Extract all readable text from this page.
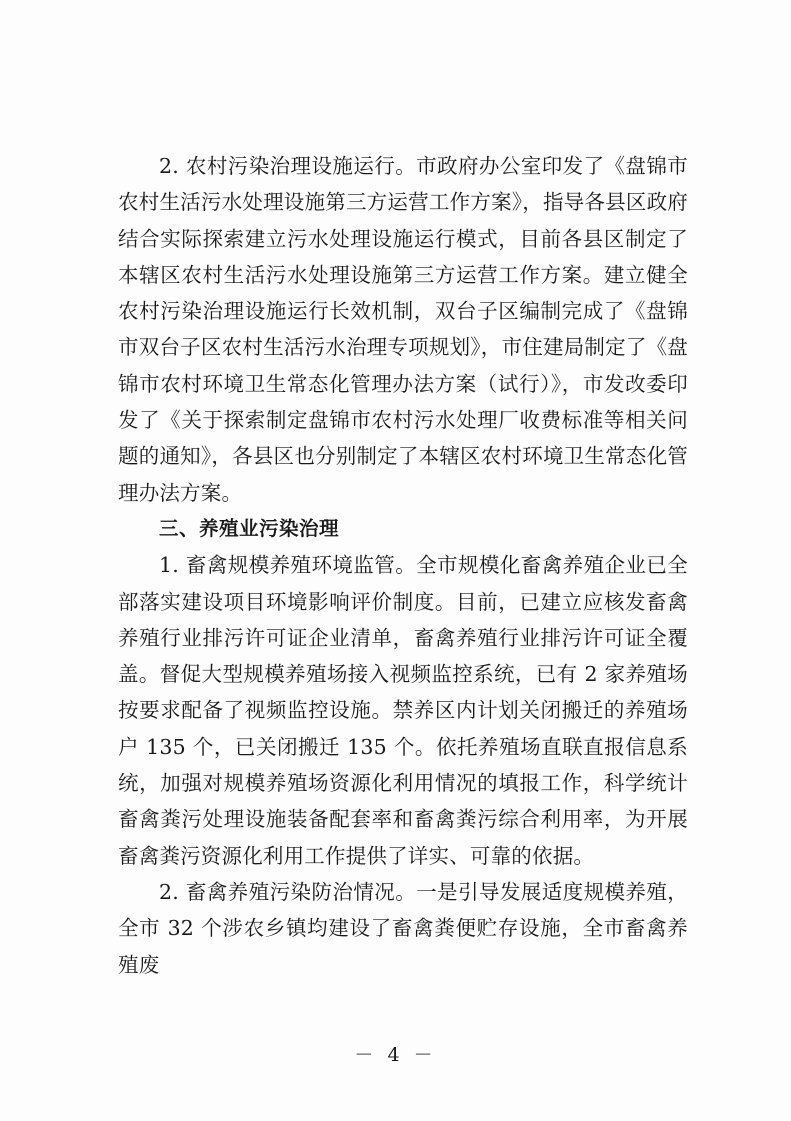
2. 农村污染治理设施运行。市政府办公室印发了《盘锦市农村生活污水处理设施第三方运营工作方案》，指导各县区政府结合实际探索建立污水处理设施运行模式，目前各县区制定了本辖区农村生活污水处理设施第三方运营工作方案。建立健全农村污染治理设施运行长效机制，双台子区编制完成了《盘锦市双台子区农村生活污水治理专项规划》，市住建局制定了《盘锦市农村环境卫生常态化管理办法方案（试行）》，市发改委印发了《关于探索制定盘锦市农村污水处理厂收费标准等相关问题的通知》，各县区也分别制定了本辖区农村环境卫生常态化管理办法方案。

三、养殖业污染治理

1. 畜禽规模养殖环境监管。全市规模化畜禽养殖企业已全部落实建设项目环境影响评价制度。目前，已建立应核发畜禽养殖行业排污许可证企业清单，畜禽养殖行业排污许可证全覆盖。督促大型规模养殖场接入视频监控系统，已有 2 家养殖场按要求配备了视频监控设施。禁养区内计划关闭搬迁的养殖场户 135 个，已关闭搬迁 135 个。依托养殖场直联直报信息系统，加强对规模养殖场资源化利用情况的填报工作，科学统计畜禽粪污处理设施装备配套率和畜禽粪污综合利用率，为开展畜禽粪污资源化利用工作提供了详实、可靠的依据。

2. 畜禽养殖污染防治情况。一是引导发展适度规模养殖，全市 32 个涉农乡镇均建设了畜禽粪便贮存设施，全市畜禽养殖废

－ 4 －
